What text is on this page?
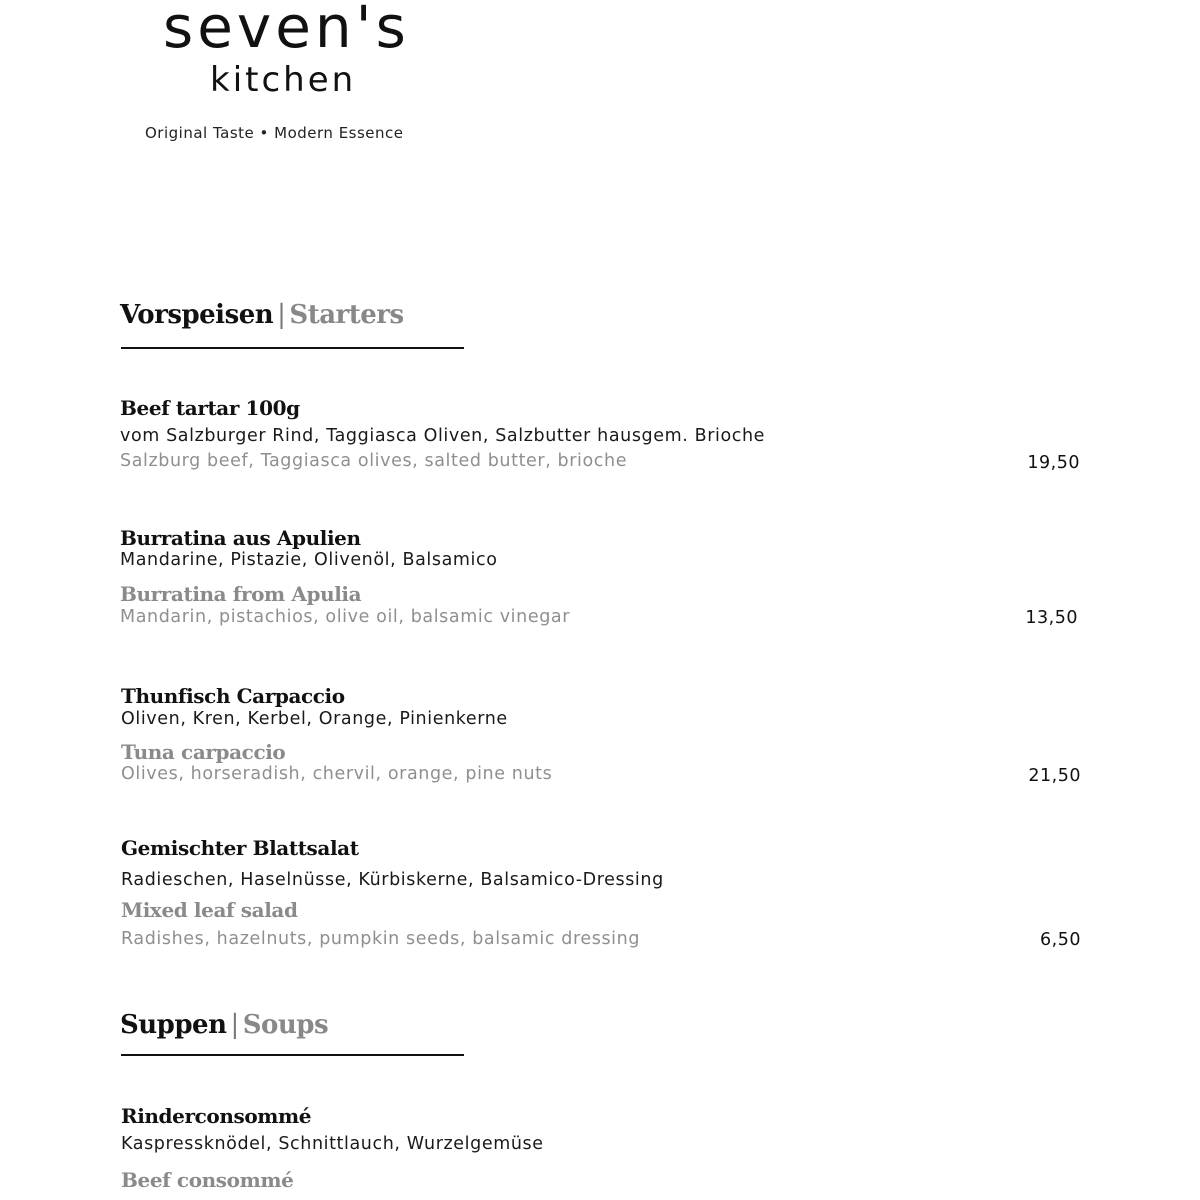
seven's
kitchen
Original Taste • Modern Essence
Vorspeisen | Starters
Beef tartar 100g
vom Salzburger Rind, Taggiasca Oliven, Salzbutter hausgem. Brioche
Salzburg beef, Taggiasca olives, salted butter, brioche	19,50
Burratina aus Apulien
Mandarine, Pistazie, Olivenöl, Balsamico
Burratina from Apulia
Mandarin, pistachios, olive oil, balsamic vinegar	13,50
Thunfisch Carpaccio
Oliven, Kren, Kerbel, Orange, Pinienkerne
Tuna carpaccio
Olives, horseradish, chervil, orange, pine nuts	21,50
Gemischter Blattsalat
Radieschen, Haselnüsse, Kürbiskerne, Balsamico-Dressing
Mixed leaf salad
Radishes, hazelnuts, pumpkin seeds, balsamic dressing	6,50
Suppen | Soups
Rinderconsommé
Kaspressknödel, Schnittlauch, Wurzelgemüse
Beef consommé
